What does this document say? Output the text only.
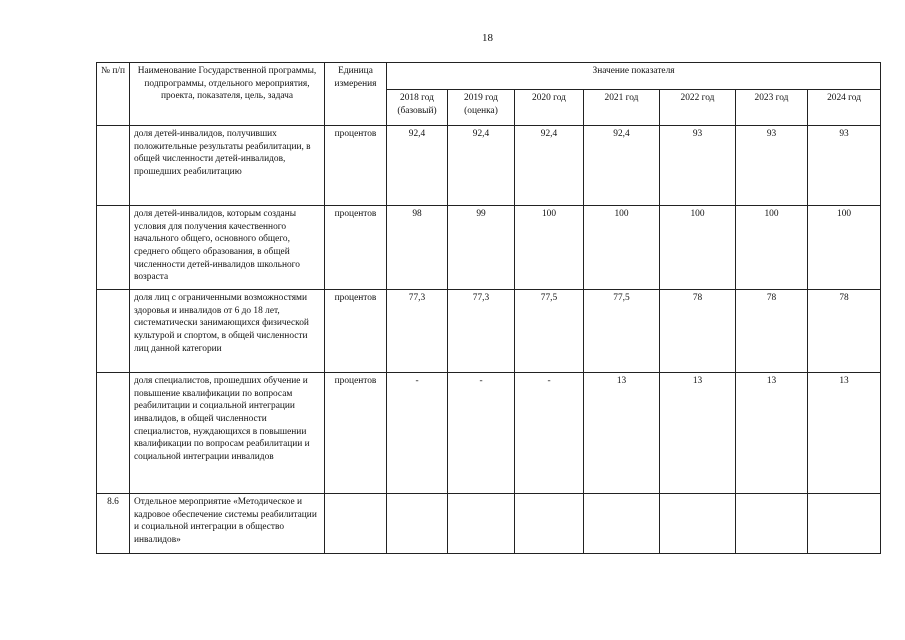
18
№ п/п	Наименование Государственной программы, подпрограммы, отдельного мероприятия, проекта, показателя, цель, задача	Единица измерения	Значение показателя						
			2018 год (базовый)	2019 год (оценка)	2020 год	2021 год	2022 год	2023 год	2024 год
	доля детей-инвалидов, получивших положительные результаты реабилитации, в общей численности детей-инвалидов, прошедших реабилитацию	процентов	92,4	92,4	92,4	92,4	93	93	93
	доля детей-инвалидов, которым созданы условия для получения качественного начального общего, основного общего, среднего общего образования, в общей численности детей-инвалидов школьного возраста	процентов	98	99	100	100	100	100	100
	доля лиц с ограниченными возможностями здоровья и инвалидов от 6 до 18 лет, систематически занимающихся физической культурой и спортом, в общей численности лиц данной категории	процентов	77,3	77,3	77,5	77,5	78	78	78
	доля специалистов, прошедших обучение и повышение квалификации по вопросам реабилитации и социальной интеграции инвалидов, в общей численности специалистов, нуждающихся в повышении квалификации по вопросам реабилитации и социальной интеграции инвалидов	процентов	-	-	-	13	13	13	13
8.6	Отдельное мероприятие «Методическое и кадровое обеспечение системы реабилитации и социальной интеграции в общество инвалидов»								
